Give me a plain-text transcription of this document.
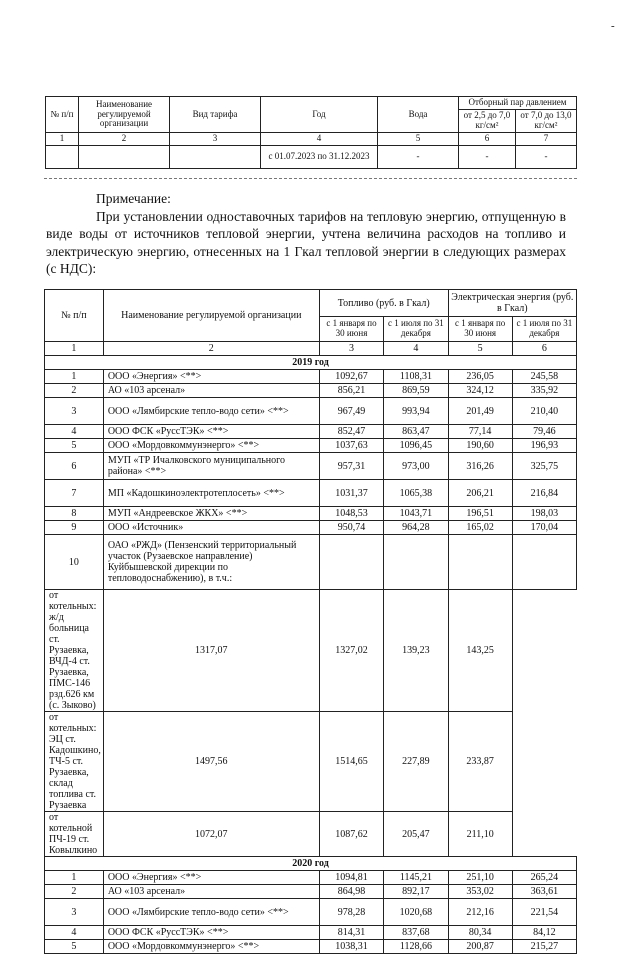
-
№ п/п	Наименование регулируемой организации	Вид тарифа	Год	Вода	Отборный пар давлением	
					от 2,5 до 7,0 кг/см²	от 7,0 до 13,0 кг/см²
1	2	3	4	5	6	7
			с 01.07.2023 по 31.12.2023	-	-	-
Примечание:
При установлении одноставочных тарифов на тепловую энергию, отпущенную в виде воды от источников тепловой энергии, учтена величина расходов на топливо и электрическую энергию, отнесенных на 1 Гкал тепловой энергии в следующих размерах (с НДС):
№ п/п	Наименование регулируемой организации	Топливо (руб. в Гкал)		Электрическая энергия (руб. в Гкал)	
		с 1 января по 30 июня	с 1 июля по 31 декабря	с 1 января по 30 июня	с 1 июля по 31 декабря
1	2	3	4	5	6
2019 год					
1	ООО «Энергия» <**>	1092,67	1108,31	236,05	245,58
2	АО «103 арсенал»	856,21	869,59	324,12	335,92
3	ООО «Лямбирские тепло-водо сети» <**>	967,49	993,94	201,49	210,40
4	ООО ФСК «РуссТЭК» <**>	852,47	863,47	77,14	79,46
5	ООО «Мордовкоммунэнерго» <**>	1037,63	1096,45	190,60	196,93
6	МУП «ТР Ичалковского муниципального района» <**>	957,31	973,00	316,26	325,75
7	МП «Кадошкиноэлектротеплосеть» <**>	1031,37	1065,38	206,21	216,84
8	МУП «Андреевское ЖКХ» <**>	1048,53	1043,71	196,51	198,03
9	ООО «Источник»	950,74	964,28	165,02	170,04
10	ОАО «РЖД» (Пензенский территориальный участок (Рузаевское направление) Куйбышевской дирекции по тепловодоснабжению), в т.ч.:				
от котельных: ж/д больница ст. Рузаевка, ВЧД-4 ст. Рузаевка, ПМС-146 рзд.626 км (с. Зыково)	1317,07	1327,02	139,23	143,25	
от котельных: ЭЦ ст. Кадошкино, ТЧ-5 ст. Рузаевка, склад топлива ст. Рузаевка	1497,56	1514,65	227,89	233,87	
от котельной ПЧ-19 ст. Ковылкино	1072,07	1087,62	205,47	211,10	
2020 год					
1	ООО «Энергия» <**>	1094,81	1145,21	251,10	265,24
2	АО «103 арсенал»	864,98	892,17	353,02	363,61
3	ООО «Лямбирские тепло-водо сети» <**>	978,28	1020,68	212,16	221,54
4	ООО ФСК «РуссТЭК» <**>	814,31	837,68	80,34	84,12
5	ООО «Мордовкоммунэнерго» <**>	1038,31	1128,66	200,87	215,27
